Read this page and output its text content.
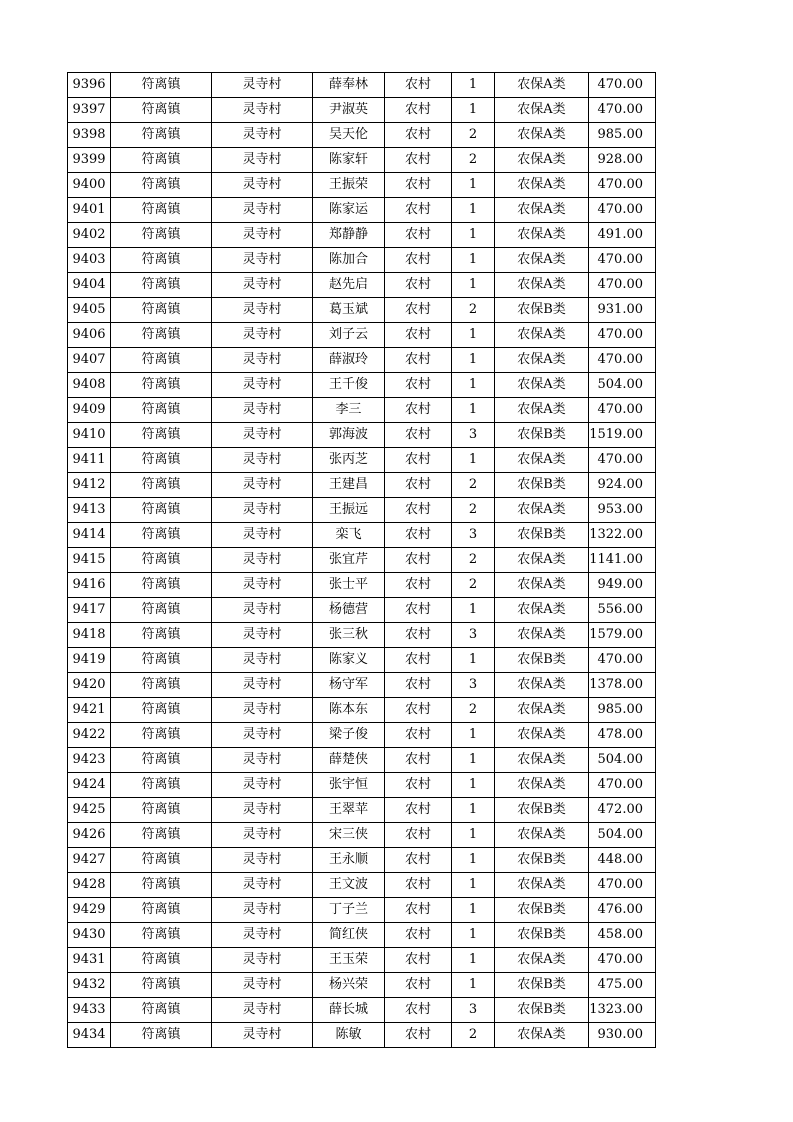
9396	符离镇	灵寺村	薛奉林	农村	1	农保A类	470.00
9397	符离镇	灵寺村	尹淑英	农村	1	农保A类	470.00
9398	符离镇	灵寺村	吴天伦	农村	2	农保A类	985.00
9399	符离镇	灵寺村	陈家轩	农村	2	农保A类	928.00
9400	符离镇	灵寺村	王振荣	农村	1	农保A类	470.00
9401	符离镇	灵寺村	陈家运	农村	1	农保A类	470.00
9402	符离镇	灵寺村	郑静静	农村	1	农保A类	491.00
9403	符离镇	灵寺村	陈加合	农村	1	农保A类	470.00
9404	符离镇	灵寺村	赵先启	农村	1	农保A类	470.00
9405	符离镇	灵寺村	葛玉斌	农村	2	农保B类	931.00
9406	符离镇	灵寺村	刘子云	农村	1	农保A类	470.00
9407	符离镇	灵寺村	薛淑玲	农村	1	农保A类	470.00
9408	符离镇	灵寺村	王千俊	农村	1	农保A类	504.00
9409	符离镇	灵寺村	李三	农村	1	农保A类	470.00
9410	符离镇	灵寺村	郭海波	农村	3	农保B类	1519.00
9411	符离镇	灵寺村	张丙芝	农村	1	农保A类	470.00
9412	符离镇	灵寺村	王建昌	农村	2	农保B类	924.00
9413	符离镇	灵寺村	王振远	农村	2	农保A类	953.00
9414	符离镇	灵寺村	栾飞	农村	3	农保B类	1322.00
9415	符离镇	灵寺村	张宜芹	农村	2	农保A类	1141.00
9416	符离镇	灵寺村	张士平	农村	2	农保A类	949.00
9417	符离镇	灵寺村	杨德营	农村	1	农保A类	556.00
9418	符离镇	灵寺村	张三秋	农村	3	农保A类	1579.00
9419	符离镇	灵寺村	陈家义	农村	1	农保B类	470.00
9420	符离镇	灵寺村	杨守军	农村	3	农保A类	1378.00
9421	符离镇	灵寺村	陈本东	农村	2	农保A类	985.00
9422	符离镇	灵寺村	梁子俊	农村	1	农保A类	478.00
9423	符离镇	灵寺村	薛楚侠	农村	1	农保A类	504.00
9424	符离镇	灵寺村	张宇恒	农村	1	农保A类	470.00
9425	符离镇	灵寺村	王翠苹	农村	1	农保B类	472.00
9426	符离镇	灵寺村	宋三侠	农村	1	农保A类	504.00
9427	符离镇	灵寺村	王永顺	农村	1	农保B类	448.00
9428	符离镇	灵寺村	王文波	农村	1	农保A类	470.00
9429	符离镇	灵寺村	丁子兰	农村	1	农保B类	476.00
9430	符离镇	灵寺村	简红侠	农村	1	农保B类	458.00
9431	符离镇	灵寺村	王玉荣	农村	1	农保A类	470.00
9432	符离镇	灵寺村	杨兴荣	农村	1	农保B类	475.00
9433	符离镇	灵寺村	薛长城	农村	3	农保B类	1323.00
9434	符离镇	灵寺村	陈敏	农村	2	农保A类	930.00
